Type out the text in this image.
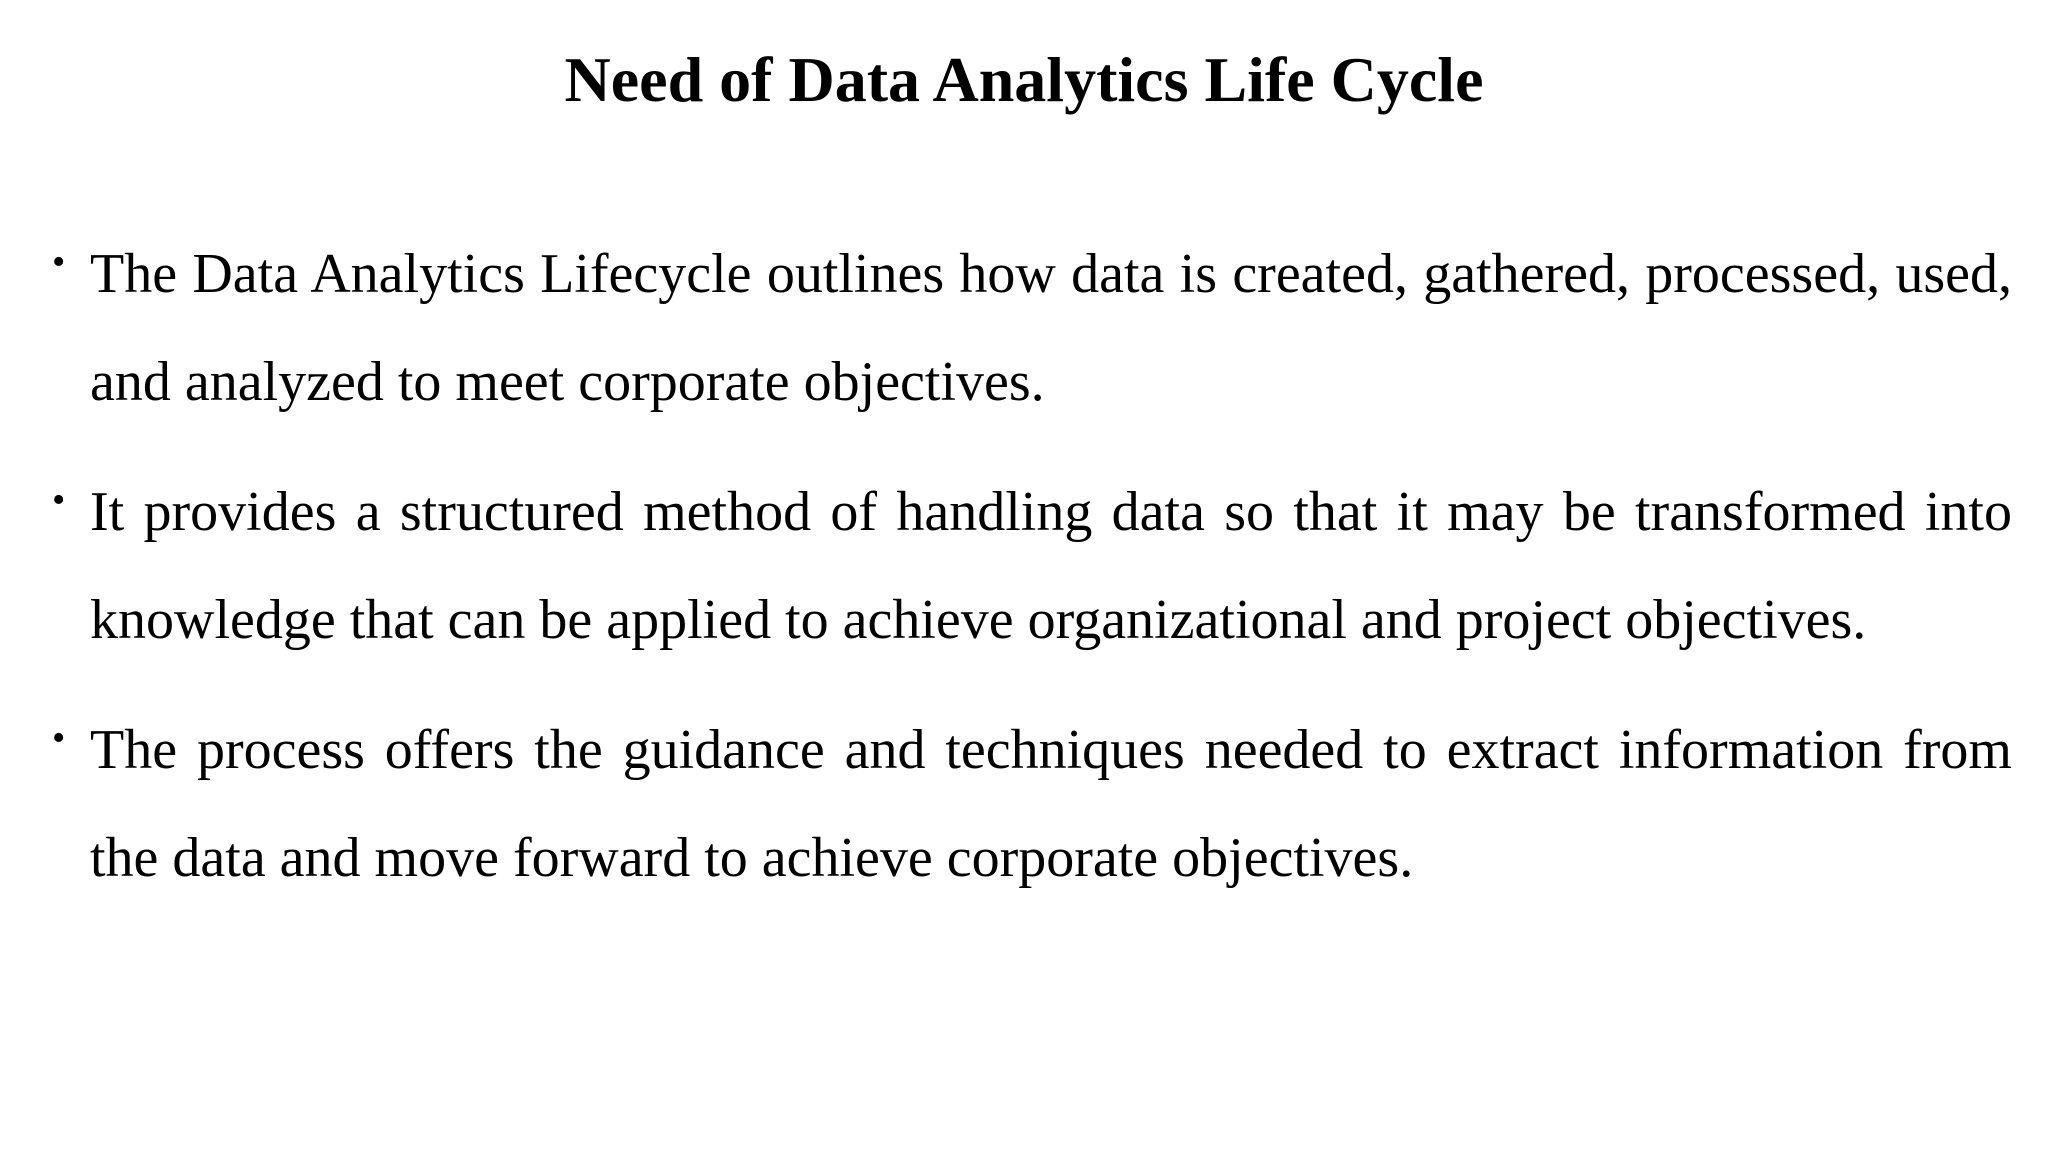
Need of Data Analytics Life Cycle
• The Data Analytics Lifecycle outlines how data is created, gathered, processed, used, and analyzed to meet corporate objectives.
• It provides a structured method of handling data so that it may be transformed into knowledge that can be applied to achieve organizational and project objectives.
• The process offers the guidance and techniques needed to extract information from the data and move forward to achieve corporate objectives.
